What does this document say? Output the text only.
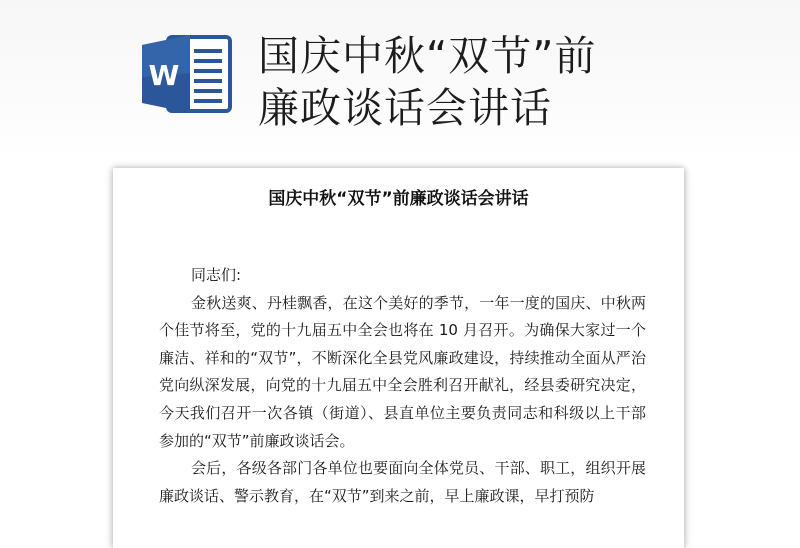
W 国庆中秋“双节”前
廉政谈话会讲话
国庆中秋“双节”前廉政谈话会讲话

同志们:

金秋送爽、丹桂飘香，在这个美好的季节，一年一度的国庆、中秋两个佳节将至，党的十九届五中全会也将在 10 月召开。为确保大家过一个廉洁、祥和的“双节”，不断深化全县党风廉政建设，持续推动全面从严治党向纵深发展，向党的十九届五中全会胜利召开献礼，经县委研究决定，今天我们召开一次各镇（街道）、县直单位主要负责同志和科级以上干部参加的“双节”前廉政谈话会。

会后，各级各部门各单位也要面向全体党员、干部、职工，组织开展廉政谈话、警示教育，在“双节”到来之前，早上廉政课，早打预防
